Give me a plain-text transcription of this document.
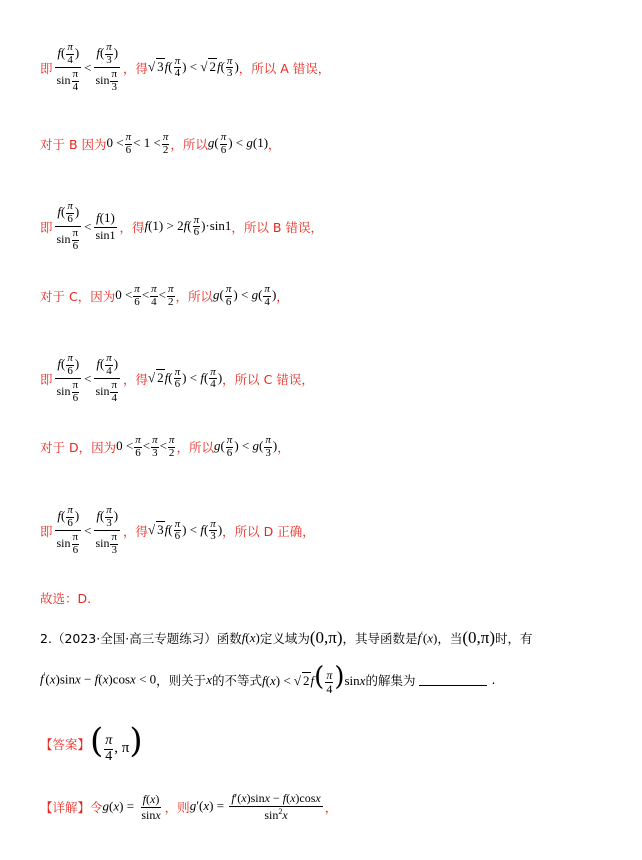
即 $\frac{f( \frac{\pi}{4} )}{\sin \frac{\pi}{4}} < \frac{f( \frac{\pi}{3} )}{\sin \frac{\pi}{3}}$ ，得 √ $3f( \frac{\pi}{4}$ ) < √ $2f( \frac{\pi}{3}$ ) ，所以 A 错误，
对于 B 因为 $0 < \frac{\pi}{6} < 1 < \frac{\pi}{2}$ ，所以 $g( \frac{\pi}{6}$ ) < g(1) ，
即 $\frac{f( \frac{\pi}{6} )}{\sin \frac{\pi}{6}} < \frac{f(1)}{\sin 1}$ ，得 $f(1) > 2f( \frac{\pi}{6} )\cdot\sin 1$ ，所以 B 错误，
对于 C，因为 $0 < \frac{\pi}{6} < \frac{\pi}{4} < \frac{\pi}{2}$ ，所以 $g( \frac{\pi}{6}$ ) < $g( \frac{\pi}{4}$ ) ，
即 $\frac{f( \frac{\pi}{6} )}{\sin \frac{\pi}{6}} < \frac{f( \frac{\pi}{4} )}{\sin \frac{\pi}{4}}$ ，得 √ $2f( \frac{\pi}{6}$ ) < $f( \frac{\pi}{4}$ ) ，所以 C 错误，
对于 D，因为 $0 < \frac{\pi}{6} < \frac{\pi}{3} < \frac{\pi}{2}$ ，所以 $g( \frac{\pi}{6}$ ) < $g( \frac{\pi}{3}$ ) ，
即 $\frac{f( \frac{\pi}{6} )}{\sin \frac{\pi}{6}} < \frac{f( \frac{\pi}{3} )}{\sin \frac{\pi}{3}}$ ，得 √ $3f( \frac{\pi}{6}$ ) < $f( \frac{\pi}{3}$ ) ，所以 D 正确，
故选：D.
2. （2023·全国·高三专题练习） 函数 f(x) 定义域为 (0,π) ，其导函数是 f′(x) ，当 (0,π) 时，有
f′(x)sinx − f(x)cosx < 0 ，则关于 x 的不等式 f(x) < √ $2f( \frac{\pi}{4} )\sin x$ 的解集为	.
【答案】 ( $\frac{\pi}{4}$ , π)
【详解】 令 $g(x) = \frac{f(x)}{\sin x}$ ，则 $g'(x) = \frac{f'(x)\sin x - f(x)\cos x}{\sin^2x}$ ，
